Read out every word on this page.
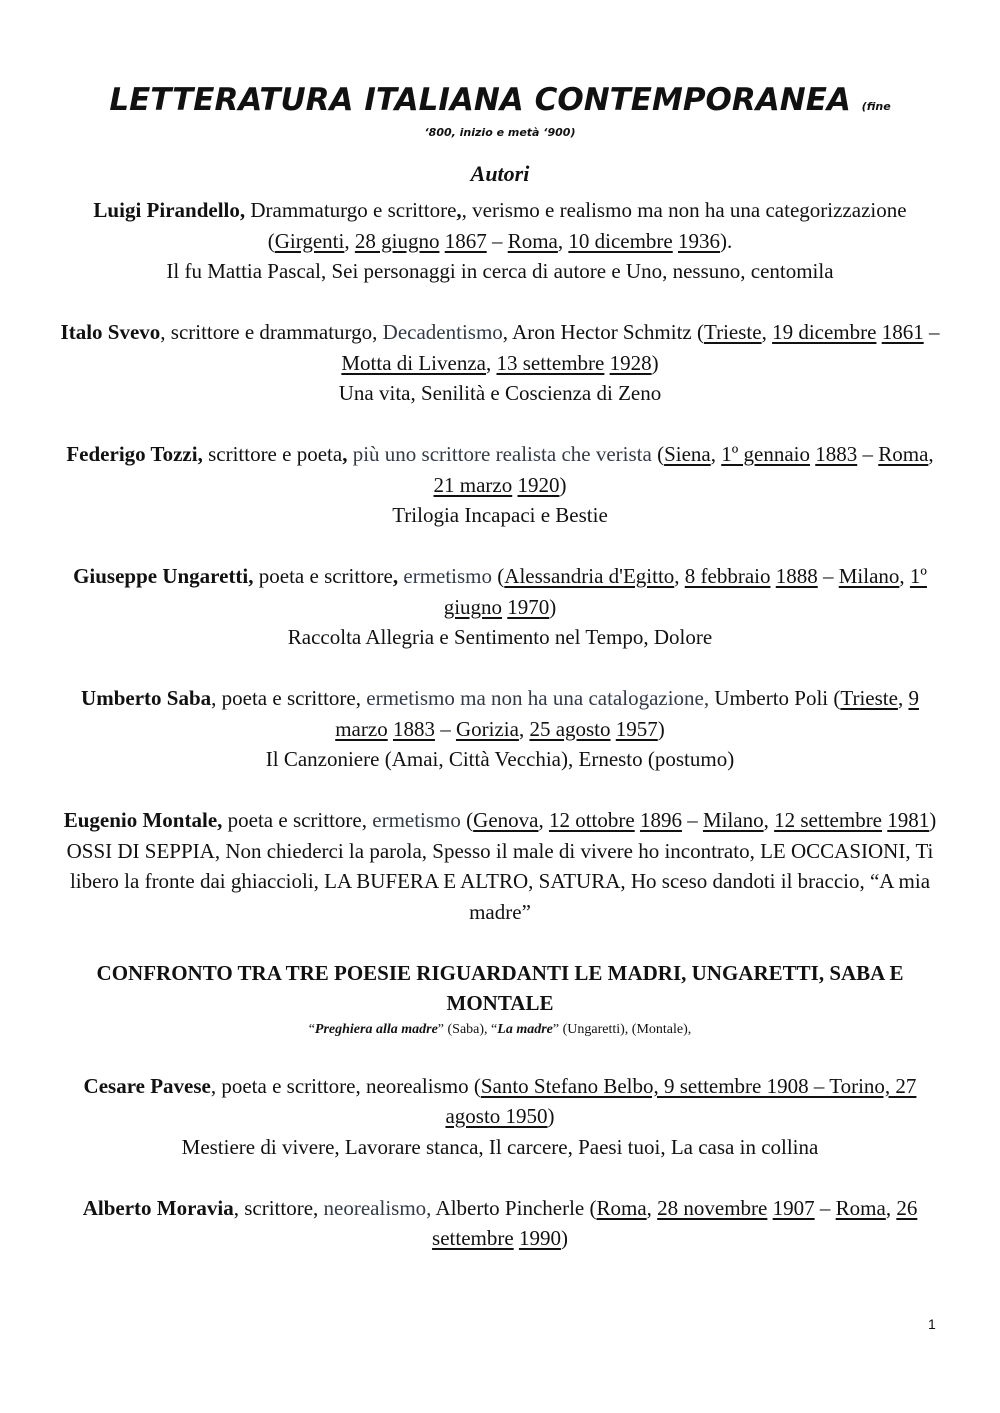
LETTERATURA ITALIANA CONTEMPORANEA (fine

‘800, inizio e metà ‘900)

Autori

Luigi Pirandello, Drammaturgo e scrittore,, verismo e realismo ma non ha una categorizzazione (Girgenti, 28 giugno 1867 – Roma, 10 dicembre 1936).
Il fu Mattia Pascal, Sei personaggi in cerca di autore e Uno, nessuno, centomila

Italo Svevo, scrittore e drammaturgo, Decadentismo, Aron Hector Schmitz (Trieste, 19 dicembre 1861 – Motta di Livenza, 13 settembre 1928)
Una vita, Senilità e Coscienza di Zeno

Federigo Tozzi, scrittore e poeta, più uno scrittore realista che verista (Siena, 1º gennaio 1883 – Roma, 21 marzo 1920)
Trilogia Incapaci e Bestie

Giuseppe Ungaretti, poeta e scrittore, ermetismo (Alessandria d'Egitto, 8 febbraio 1888 – Milano, 1º giugno 1970)
Raccolta Allegria e Sentimento nel Tempo, Dolore

Umberto Saba, poeta e scrittore, ermetismo ma non ha una catalogazione, Umberto Poli (Trieste, 9 marzo 1883 – Gorizia, 25 agosto 1957)
Il Canzoniere (Amai, Città Vecchia), Ernesto (postumo)

Eugenio Montale, poeta e scrittore, ermetismo (Genova, 12 ottobre 1896 – Milano, 12 settembre 1981)
OSSI DI SEPPIA, Non chiederci la parola, Spesso il male di vivere ho incontrato, LE OCCASIONI, Ti libero la fronte dai ghiaccioli, LA BUFERA E ALTRO, SATURA, Ho sceso dandoti il braccio, “A mia madre”

CONFRONTO TRA TRE POESIE RIGUARDANTI LE MADRI, UNGARETTI, SABA E MONTALE

“Preghiera alla madre” (Saba), “La madre” (Ungaretti), (Montale),

Cesare Pavese, poeta e scrittore, neorealismo (Santo Stefano Belbo, 9 settembre 1908 – Torino, 27 agosto 1950)
Mestiere di vivere, Lavorare stanca, Il carcere, Paesi tuoi, La casa in collina

Alberto Moravia, scrittore, neorealismo, Alberto Pincherle (Roma, 28 novembre 1907 – Roma, 26 settembre 1990)

1
